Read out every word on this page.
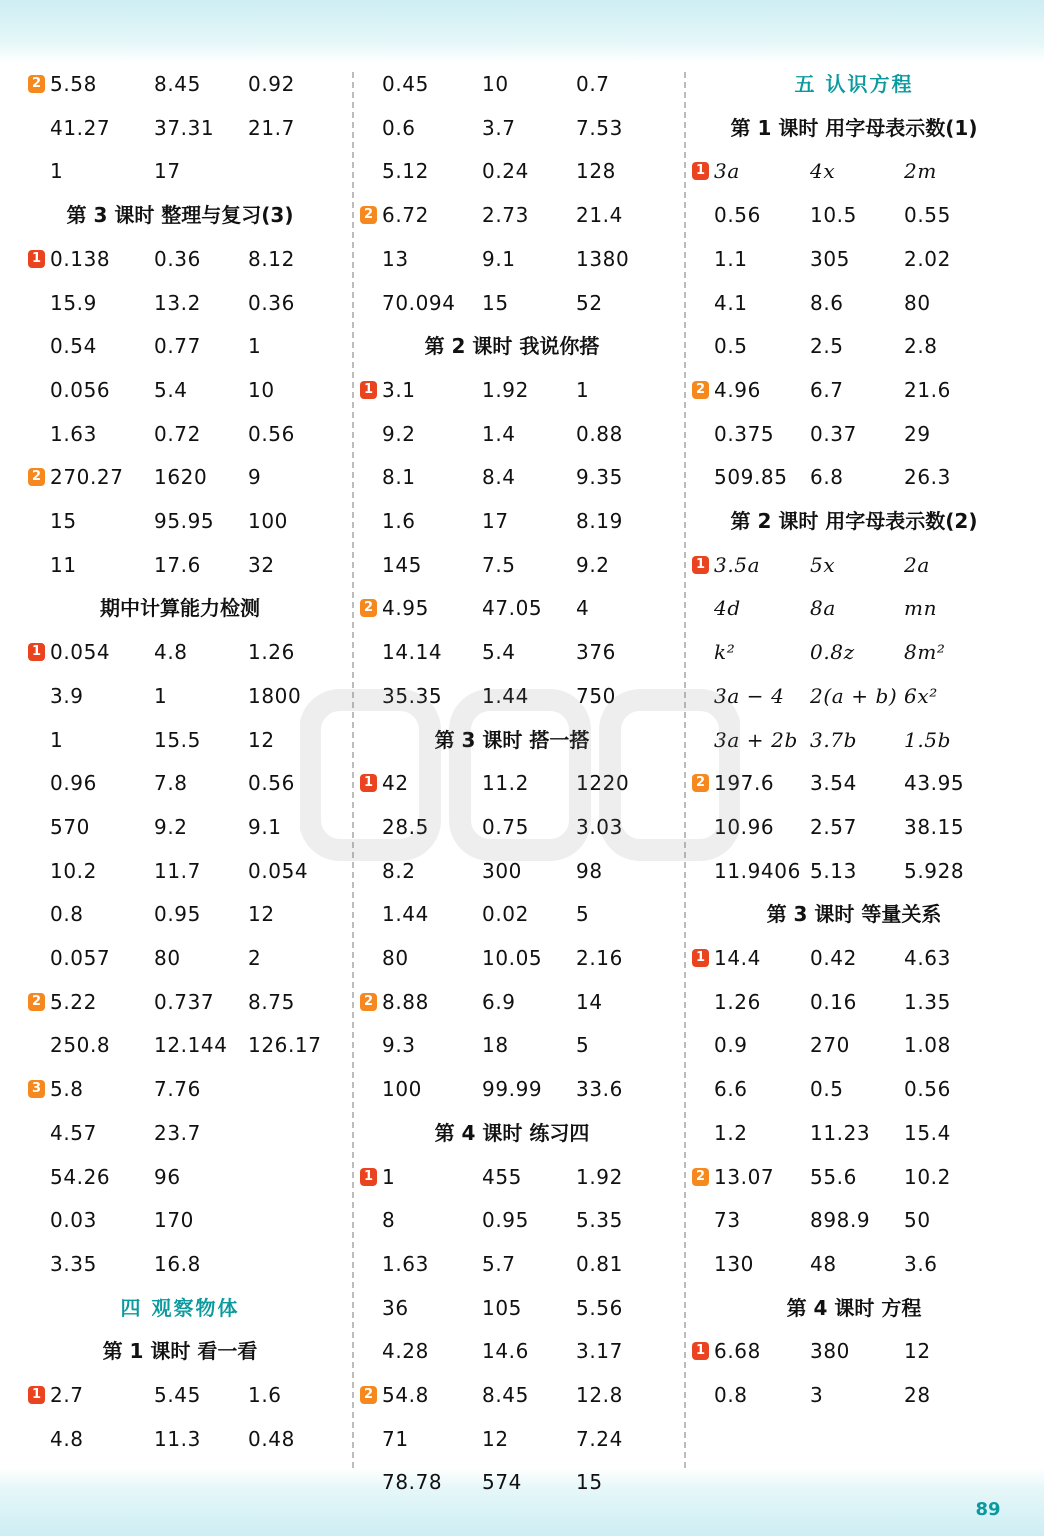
2 5.58	8.45 0.92
41.27 37.31 21.7
1	17
第 3 课时 整理与复习(3)
1 0.138 0.36 8.12
15.9	13.2 0.36
0.54	0.77 1
0.056 5.4	10
1.63	0.72 0.56
2 270.27 1620 9
15	95.95 100
11	17.6 32
期中计算能力检测
1 0.054 4.8	1.26
3.9	1	1800
1	15.5 12
0.96	7.8	0.56
570	9.2	9.1
10.2	11.7 0.054
0.8	0.95 12
0.057 80	2
2 5.22	0.737 8.75
250.8 12.144 126.17
3 5.8	7.76
4.57	23.7
54.26 96
0.03	170
3.35	16.8
四 观察物体
第 1 课时 看一看
1 2.7	5.45 1.6
4.8	11.3 0.48
0.45	10	0.7
0.6	3.7	7.53
5.12	0.24 128
2 6.72	2.73 21.4
13	9.1	1380
70.094 15	52
第 2 课时 我说你搭
1 3.1	1.92 1
9.2	1.4	0.88
8.1	8.4	9.35
1.6	17	8.19
145	7.5	9.2
2 4.95	47.05 4
14.14 5.4	376
35.35 1.44 750
第 3 课时 搭一搭
1 42	11.2 1220
28.5	0.75 3.03
8.2	300	98
1.44	0.02 5
80	10.05 2.16
2 8.88	6.9	14
9.3	18	5
100	99.99 33.6
第 4 课时 练习四
1 1	455	1.92
8	0.95 5.35
1.63	5.7	0.81
36	105	5.56
4.28	14.6 3.17
2 54.8	8.45 12.8
71	12	7.24
78.78 574	15
五 认识方程
第 1 课时 用字母表示数(1)
1 3a	4x	2m
0.56 10.5 0.55
1.1	305	2.02
4.1	8.6	80
0.5	2.5	2.8
2 4.96 6.7	21.6
0.375 0.37 29
509.85 6.8	26.3
第 2 课时 用字母表示数(2)
1 3.5a 5x	2a
4d	8a	mn
k²	0.8z 8m²
3a − 4 2(a + b) 6x²
3a + 2b 3.7b 1.5b
2 197.6 3.54 43.95
10.96 2.57 38.15
11.9406 5.13 5.928
第 3 课时 等量关系
1 14.4 0.42 4.63
1.26 0.16 1.35
0.9	270	1.08
6.6	0.5	0.56
1.2	11.23 15.4
2 13.07 55.6 10.2
73	898.9 50
130	48	3.6
第 4 课时 方程
1 6.68 380	12
0.8	3	28
89
